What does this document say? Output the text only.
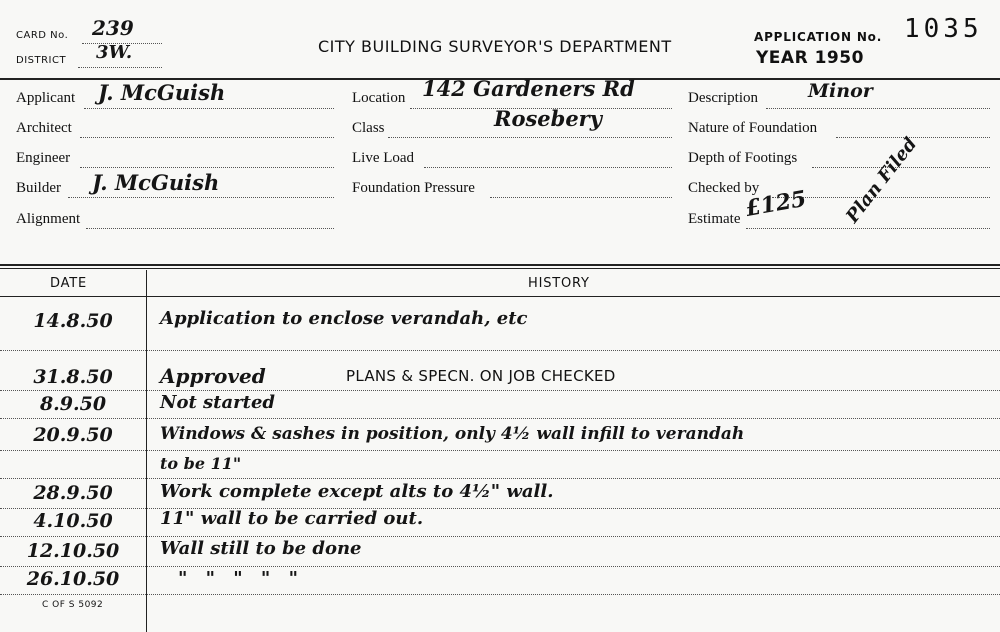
CARD No. 239
DISTRICT 3W.	CITY BUILDING SURVEYOR'S DEPARTMENT	APPLICATION No. 1035
YEAR 1950
Applicant J. McGuish
Architect
Engineer
Builder J. McGuish
Alignment
Location 142 Gardeners Rd
Class	Rosebery
Live Load
Foundation Pressure
Description	Minor
Nature of Foundation
Depth of Footings
Checked by
Estimate £125 Plan Filed
DATE	HISTORY
14.8.50	Application to enclose verandah, etc
31.8.50	Approved	PLANS & SPECN. ON JOB CHECKED
8.9.50	Not started
20.9.50	Windows & sashes in position, only 4½ wall infill to verandah
to be 11"
28.9.50	Work complete except alts to 4½" wall.
4.10.50	11" wall to be carried out.
12.10.50	Wall still to be done
26.10.50	" " " " "
C OF S 5092
